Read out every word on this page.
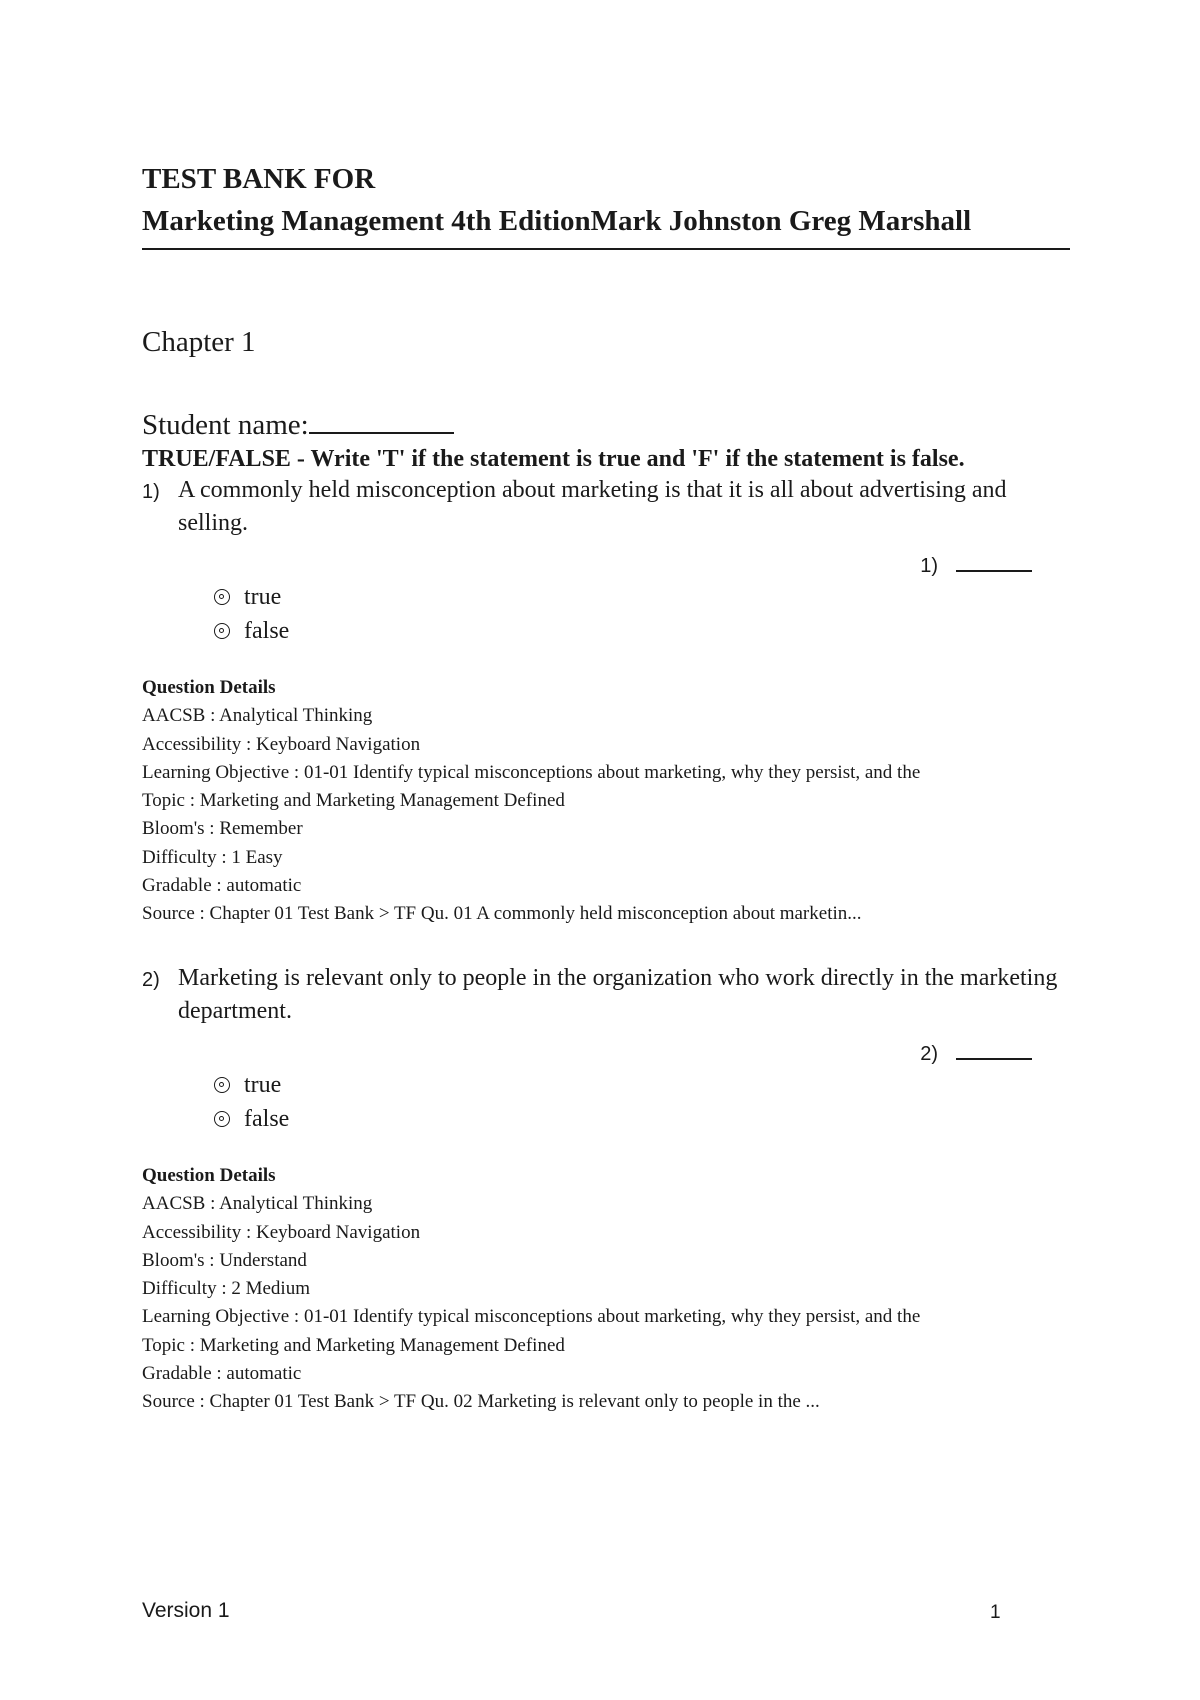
TEST BANK FOR
Marketing Management 4th EditionMark Johnston Greg Marshall
Chapter 1
Student name:
TRUE/FALSE - Write 'T' if the statement is true and 'F' if the statement is false.
1) A commonly held misconception about marketing is that it is all about advertising and selling.
1)
true
false
Question Details
AACSB : Analytical Thinking
Accessibility : Keyboard Navigation
Learning Objective : 01-01 Identify typical misconceptions about marketing, why they persist, and the
Topic : Marketing and Marketing Management Defined
Bloom's : Remember
Difficulty : 1 Easy
Gradable : automatic
Source : Chapter 01 Test Bank > TF Qu. 01 A commonly held misconception about marketin...
2) Marketing is relevant only to people in the organization who work directly in the marketing department.
2)
true
false
Question Details
AACSB : Analytical Thinking
Accessibility : Keyboard Navigation
Bloom's : Understand
Difficulty : 2 Medium
Learning Objective : 01-01 Identify typical misconceptions about marketing, why they persist, and the
Topic : Marketing and Marketing Management Defined
Gradable : automatic
Source : Chapter 01 Test Bank > TF Qu. 02 Marketing is relevant only to people in the ...
Version 1	1
